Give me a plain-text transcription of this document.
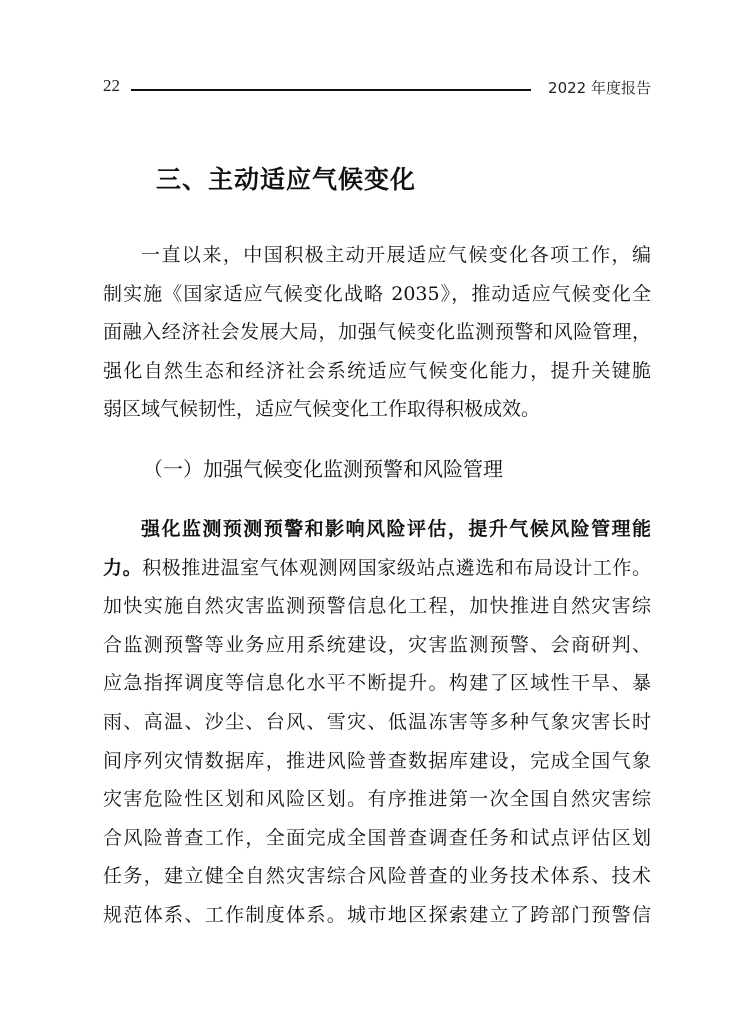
22	2022 年度报告
三、主动适应气候变化
一直以来，中国积极主动开展适应气候变化各项工作，编
制实施《国家适应气候变化战略 2035》，推动适应气候变化全
面融入经济社会发展大局，加强气候变化监测预警和风险管理，
强化自然生态和经济社会系统适应气候变化能力，提升关键脆
弱区域气候韧性，适应气候变化工作取得积极成效。
（一）加强气候变化监测预警和风险管理
强化监测预测预警和影响风险评估，提升气候风险管理能
力。积极推进温室气体观测网国家级站点遴选和布局设计工作。
加快实施自然灾害监测预警信息化工程，加快推进自然灾害综
合监测预警等业务应用系统建设，灾害监测预警、会商研判、
应急指挥调度等信息化水平不断提升。构建了区域性干旱、暴
雨、高温、沙尘、台风、雪灾、低温冻害等多种气象灾害长时
间序列灾情数据库，推进风险普查数据库建设，完成全国气象
灾害危险性区划和风险区划。有序推进第一次全国自然灾害综
合风险普查工作，全面完成全国普查调查任务和试点评估区划
任务，建立健全自然灾害综合风险普查的业务技术体系、技术
规范体系、工作制度体系。城市地区探索建立了跨部门预警信
